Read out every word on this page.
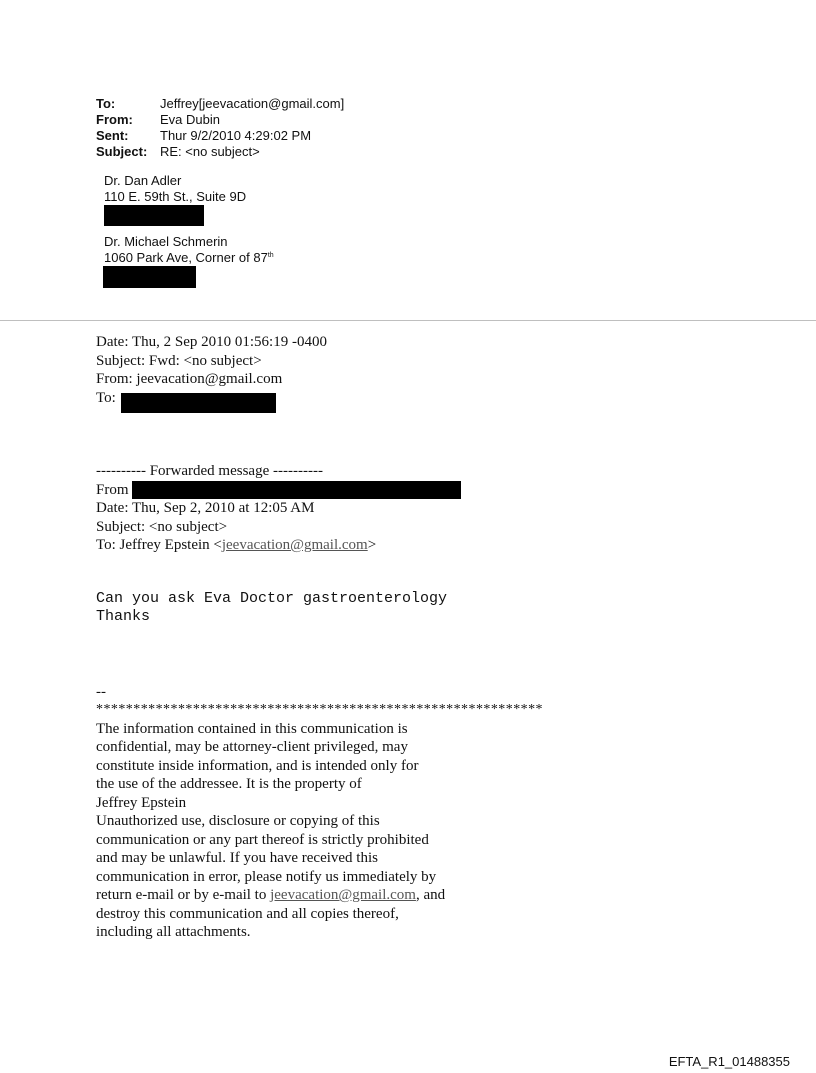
To:	Jeffrey[jeevacation@gmail.com]
From:	Eva Dubin
Sent:	Thur 9/2/2010 4:29:02 PM
Subject: RE: <no subject>
Dr. Dan Adler
110 E. 59th St., Suite 9D
Dr. Michael Schmerin
1060 Park Ave, Corner of 87th
Date: Thu, 2 Sep 2010 01:56:19 -0400
Subject: Fwd: <no subject>
From: jeevacation@gmail.com
To:
---------- Forwarded message ----------
From
Date: Thu, Sep 2, 2010 at 12:05 AM
Subject: <no subject>
To: Jeffrey Epstein <jeevacation@gmail.com>
Can you ask Eva Doctor gastroenterology
Thanks
--
************************************************************
The information contained in this communication is
confidential, may be attorney-client privileged, may
constitute inside information, and is intended only for
the use of the addressee. It is the property of
Jeffrey Epstein
Unauthorized use, disclosure or copying of this
communication or any part thereof is strictly prohibited
and may be unlawful. If you have received this
communication in error, please notify us immediately by
return e-mail or by e-mail to jeevacation@gmail.com, and
destroy this communication and all copies thereof,
including all attachments.
EFTA_R1_01488355
